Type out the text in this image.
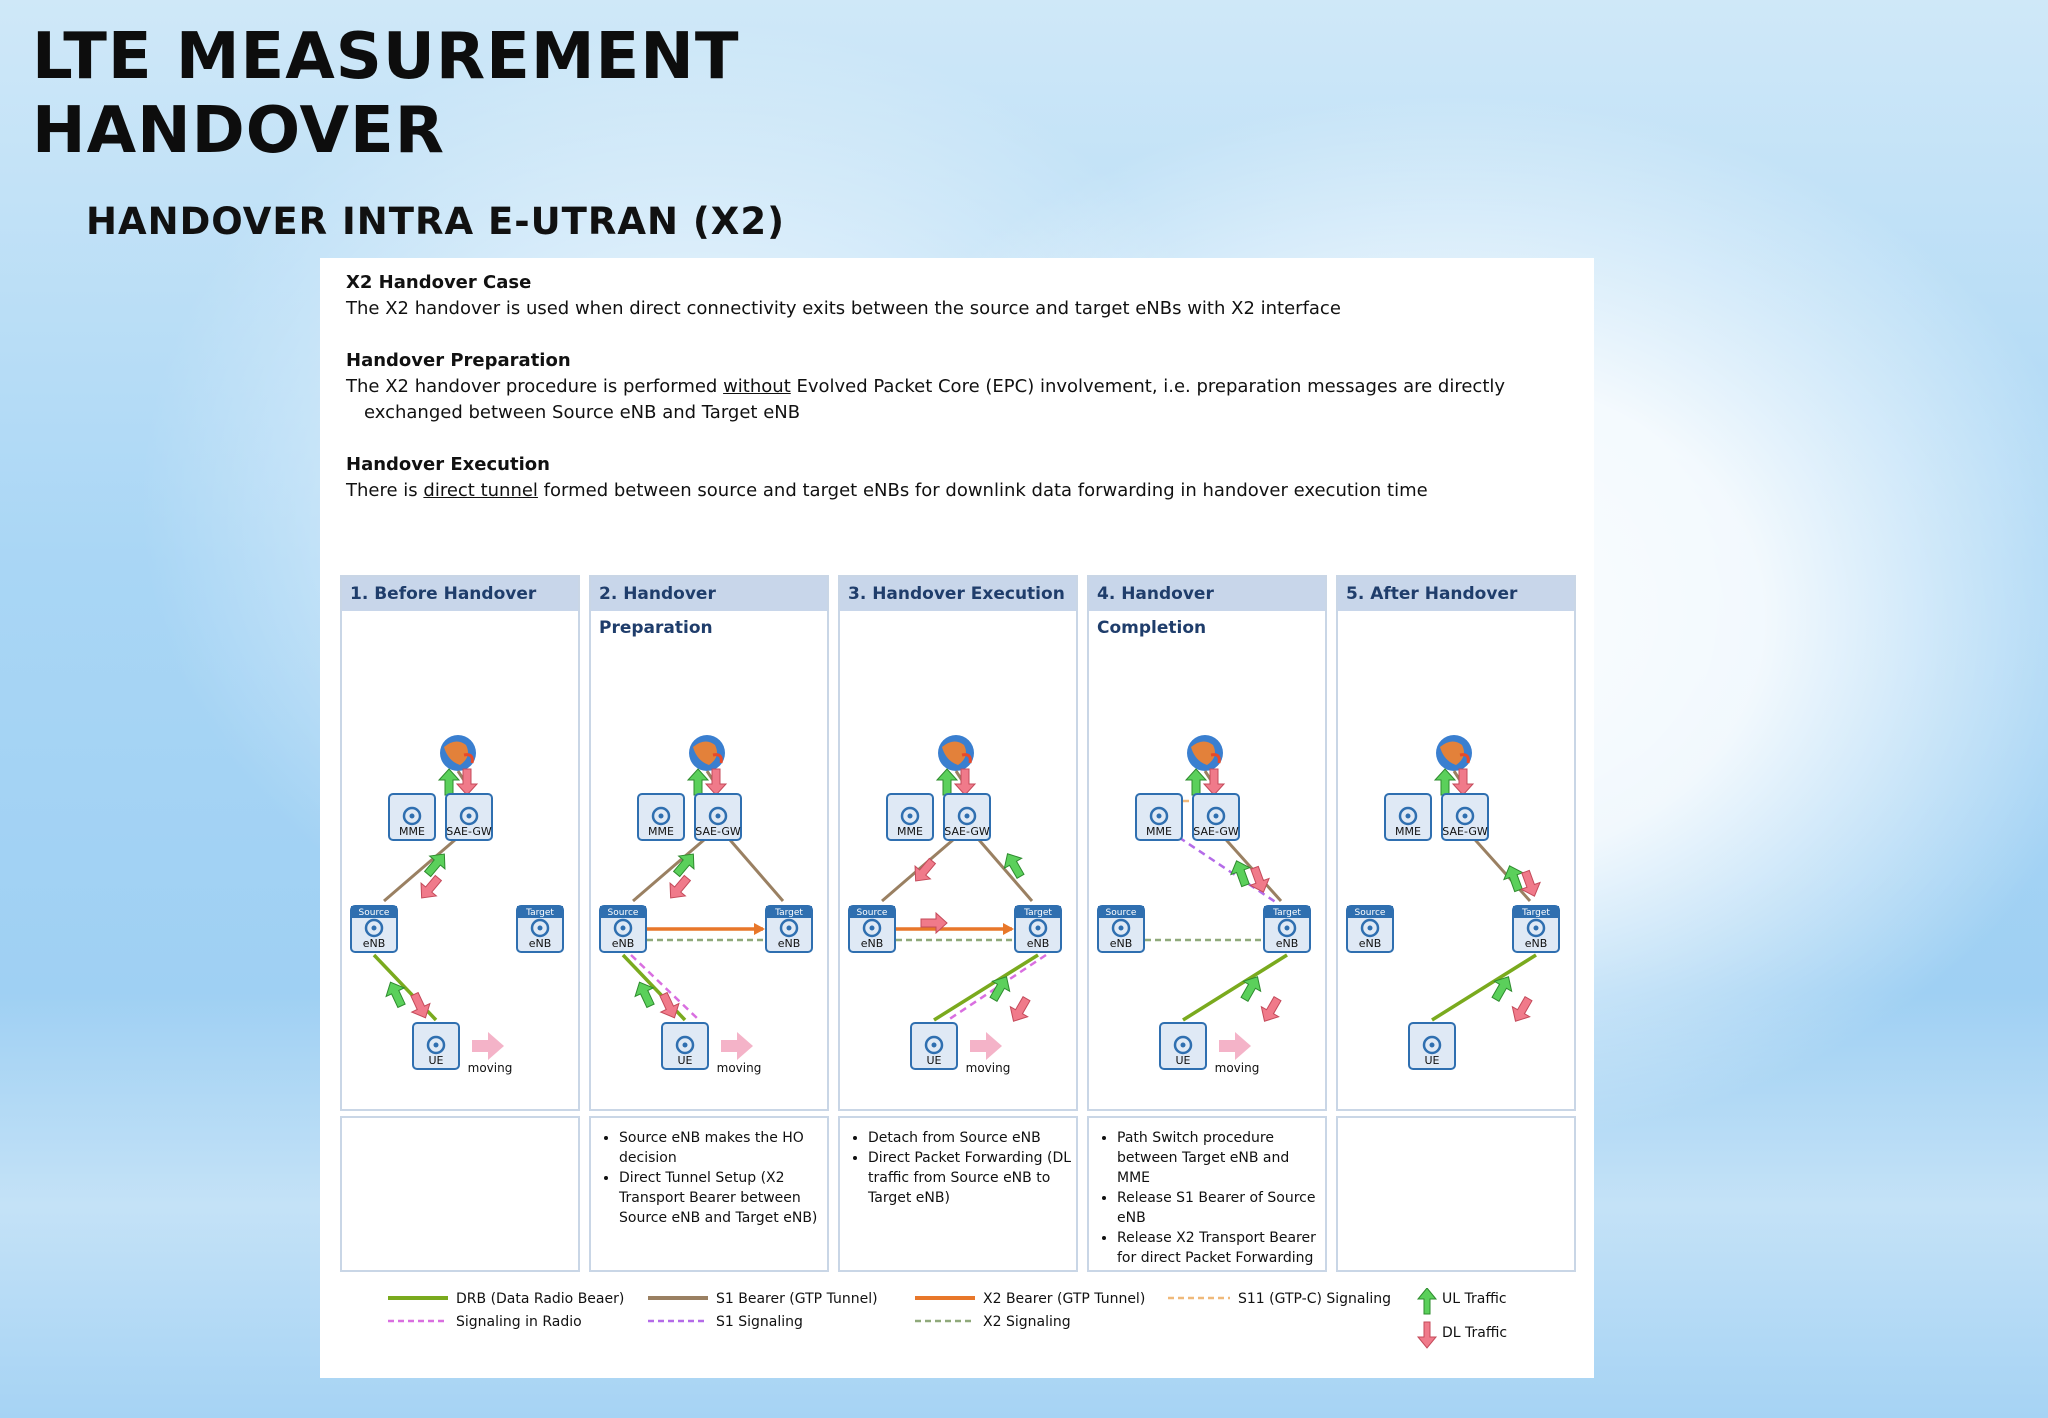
LTE MEASUREMENT HANDOVER
HANDOVER INTRA E-UTRAN (X2)
X2 Handover Case
The X2 handover is used when direct connectivity exits between the source and target eNBs with X2 interface
Handover Preparation
The X2 handover procedure is performed without Evolved Packet Core (EPC) involvement, i.e. preparation messages are directly
exchanged between Source eNB and Target eNB
Handover Execution
There is direct tunnel formed between source and target eNBs for downlink data forwarding in handover execution time
1. Before Handover	2. Handover Preparation
3. Handover Execution	4. Handover Completion
5. After Handover
MME SAE-GW
Source
eNB
Target
eNB
UE
moving
MME SAE-GW
Source
eNB
Target
eNB
UE
moving
MME SAE-GW
Source
eNB
Target
eNB
UE
moving
MME SAE-GW
Source
eNB
Target
eNB
UE
moving
MME SAE-GW
Source
eNB
Target
eNB
UE
• Source eNB makes the HO decision
• Direct Tunnel Setup (X2 Transport Bearer between Source eNB and Target eNB)
• Detach from Source eNB
• Direct Packet Forwarding (DL traffic from Source eNB to Target eNB)
• Path Switch procedure between Target eNB and MME
• Release S1 Bearer of Source eNB
• Release X2 Transport Bearer for direct Packet Forwarding
DRB (Data Radio Beaer)
Signaling in Radio
S1 Bearer (GTP Tunnel)
S1 Signaling
X2 Bearer (GTP Tunnel)
X2 Signaling
S11 (GTP-C) Signaling	UL Traffic
DL Traffic
